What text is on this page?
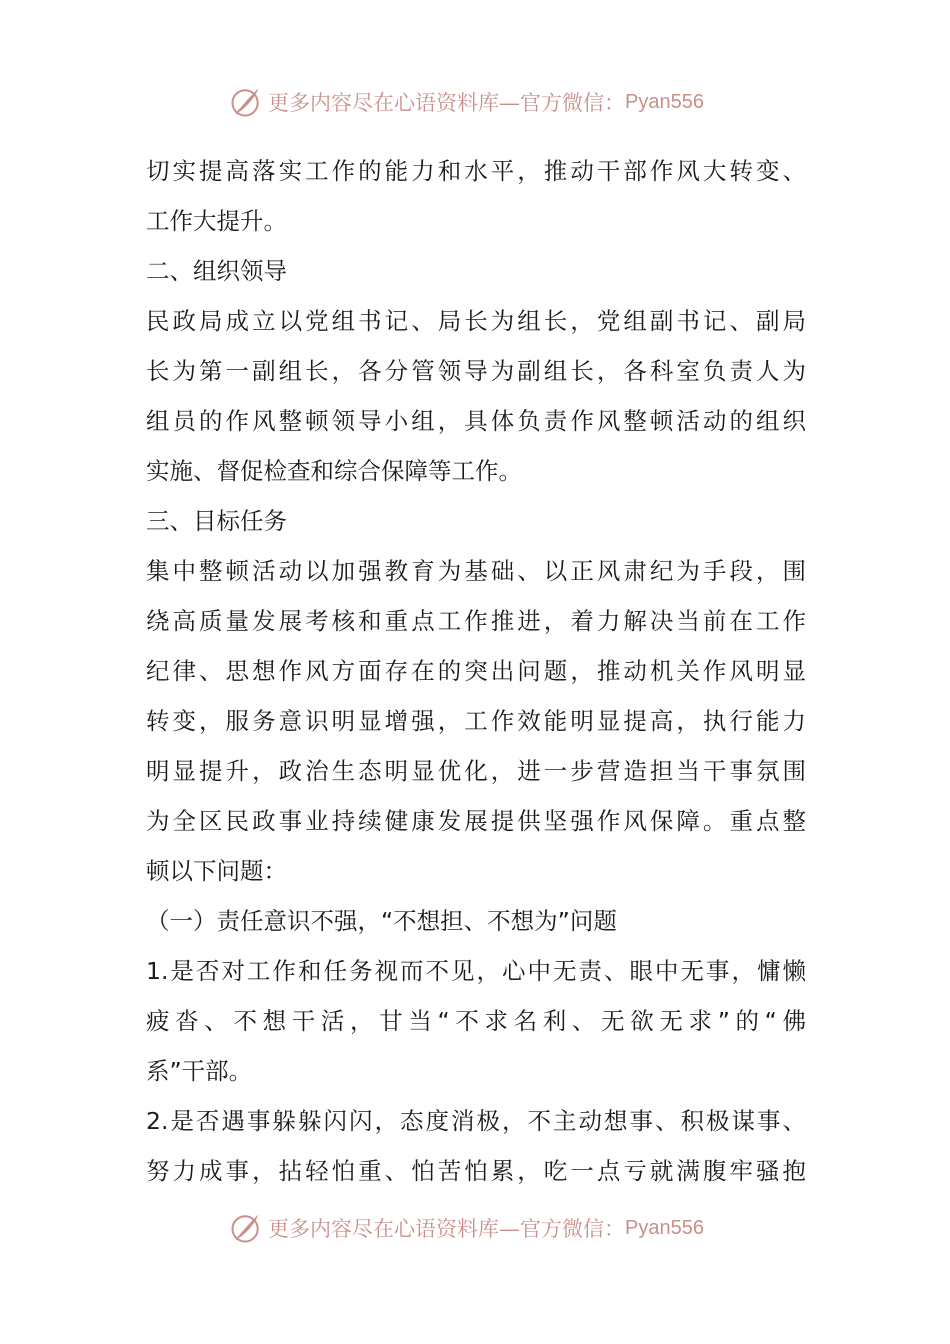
更多内容尽在心语资料库—官方微信： Pyan556
切实提高落实工作的能力和水平，推动干部作风大转变、
工作大提升。
二、组织领导
民政局成立以党组书记、局长为组长，党组副书记、副局
长为第一副组长，各分管领导为副组长，各科室负责人为
组员的作风整顿领导小组，具体负责作风整顿活动的组织
实施、督促检查和综合保障等工作。
三、目标任务
集中整顿活动以加强教育为基础、以正风肃纪为手段，围
绕高质量发展考核和重点工作推进，着力解决当前在工作
纪律、思想作风方面存在的突出问题，推动机关作风明显
转变，服务意识明显增强，工作效能明显提高，执行能力
明显提升，政治生态明显优化，进一步营造担当干事氛围
为全区民政事业持续健康发展提供坚强作风保障。重点整
顿以下问题：
（一）责任意识不强，“不想担、不想为”问题
1.是否对工作和任务视而不见，心中无责、眼中无事，慵懒
疲沓、不想干活，甘当“不求名利、无欲无求”的“佛
系”干部。
2.是否遇事躲躲闪闪，态度消极，不主动想事、积极谋事、
努力成事，拈轻怕重、怕苦怕累，吃一点亏就满腹牢骚抱
更多内容尽在心语资料库—官方微信： Pyan556
